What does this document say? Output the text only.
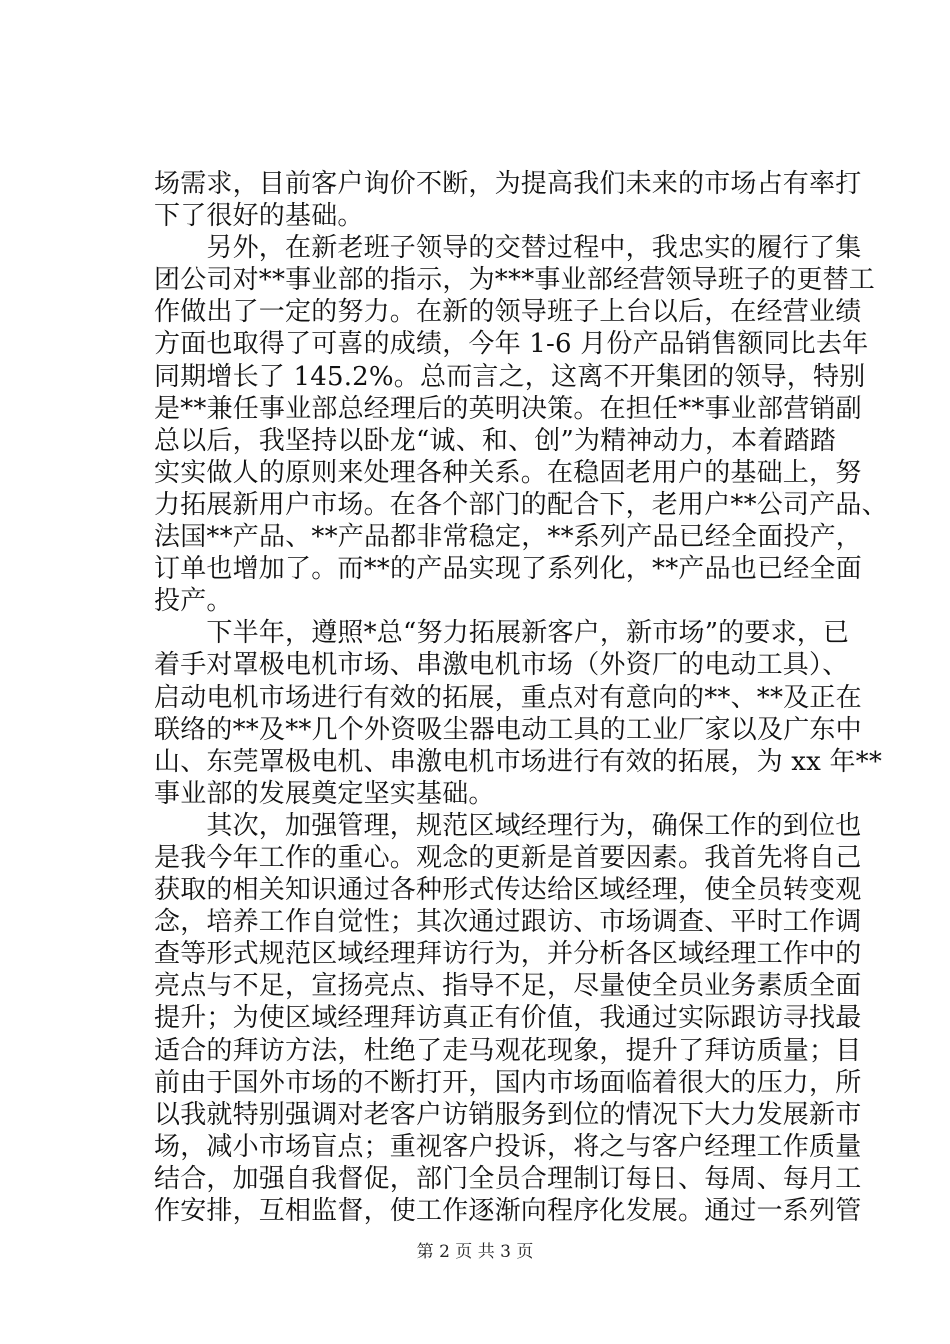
场需求，目前客户询价不断，为提高我们未来的市场占有率打
下了很好的基础。
　　另外，在新老班子领导的交替过程中，我忠实的履行了集
团公司对**事业部的指示，为***事业部经营领导班子的更替工
作做出了一定的努力。在新的领导班子上台以后，在经营业绩
方面也取得了可喜的成绩，今年 1-6 月份产品销售额同比去年
同期增长了 145.2%。总而言之，这离不开集团的领导，特别
是**兼任事业部总经理后的英明决策。在担任**事业部营销副
总以后，我坚持以卧龙“诚、和、创”为精神动力，本着踏踏
实实做人的原则来处理各种关系。在稳固老用户的基础上，努
力拓展新用户市场。在各个部门的配合下，老用户**公司产品、
法国**产品、**产品都非常稳定，**系列产品已经全面投产，
订单也增加了。而**的产品实现了系列化，**产品也已经全面
投产。
　　下半年，遵照*总“努力拓展新客户，新市场”的要求，已
着手对罩极电机市场、串激电机市场（外资厂的电动工具）、
启动电机市场进行有效的拓展，重点对有意向的**、**及正在
联络的**及**几个外资吸尘器电动工具的工业厂家以及广东中
山、东莞罩极电机、串激电机市场进行有效的拓展，为 xx 年**
事业部的发展奠定坚实基础。
　　其次，加强管理，规范区域经理行为，确保工作的到位也
是我今年工作的重心。观念的更新是首要因素。我首先将自己
获取的相关知识通过各种形式传达给区域经理，使全员转变观
念，培养工作自觉性；其次通过跟访、市场调查、平时工作调
查等形式规范区域经理拜访行为，并分析各区域经理工作中的
亮点与不足，宣扬亮点、指导不足，尽量使全员业务素质全面
提升；为使区域经理拜访真正有价值，我通过实际跟访寻找最
适合的拜访方法，杜绝了走马观花现象，提升了拜访质量；目
前由于国外市场的不断打开，国内市场面临着很大的压力，所
以我就特别强调对老客户访销服务到位的情况下大力发展新市
场，减小市场盲点；重视客户投诉，将之与客户经理工作质量
结合，加强自我督促，部门全员合理制订每日、每周、每月工
作安排，互相监督，使工作逐渐向程序化发展。通过一系列管
第 2 页 共 3 页
